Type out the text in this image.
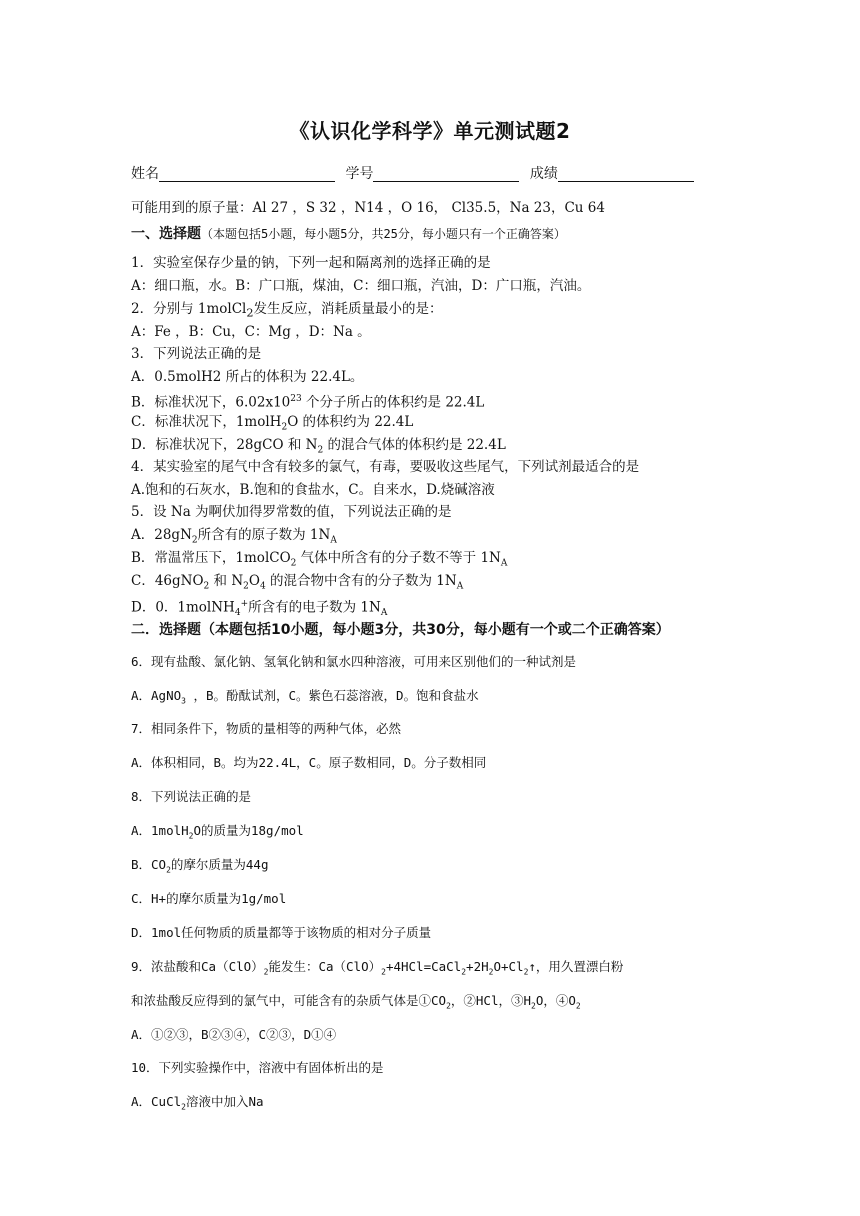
《认识化学科学》单元测试题2
姓名	学号	成绩
可能用到的原子量：Al 27 ，S 32 ，N14 ，O 16， Cl35.5，Na 23，Cu 64
一、选择题（本题包括5小题，每小题5分，共25分，每小题只有一个正确答案）
1．实验室保存少量的钠，下列一起和隔离剂的选择正确的是
A：细口瓶，水。B：广口瓶，煤油，C：细口瓶，汽油，D：广口瓶，汽油。
2．分别与 1molCl$_2$发生反应，消耗质量最小的是：
A：Fe ，B：Cu，C：Mg ，D：Na 。
3．下列说法正确的是
A．0.5molH2 所占的体积为 22.4L。
B．标准状况下，$6.02x10^{23}$ 个分子所占的体积约是 22.4L
C．标准状况下，1molH$_2$O 的体积约为 22.4L
D．标准状况下，28gCO 和 $N_2$ 的混合气体的体积约是 22.4L
4．某实验室的尾气中含有较多的氯气，有毒，要吸收这些尾气，下列试剂最适合的是
A.饱和的石灰水，B.饱和的食盐水，C。自来水，D.烧碱溶液
5．设 Na 为啊伏加得罗常数的值，下列说法正确的是
A．$28gN_2$所含有的原子数为 $1N_A$
B．常温常压下，1molCO$_2$ 气体中所含有的分子数不等于 $1N_A$
C．46gNO$_2$ 和 $N_2O_4$ 的混合物中含有的分子数为 $1N_A$
D．0．1molNH$_4$+所含有的电子数为 $1N_A$
二．选择题（本题包括10小题，每小题3分，共30分，每小题有一个或二个正确答案）
6．现有盐酸、氯化钠、氢氧化钠和氯水四种溶液，可用来区别他们的一种试剂是
A．AgNO$_3$ ，B。酚酞试剂，C。紫色石蕊溶液，D。饱和食盐水
7．相同条件下，物质的量相等的两种气体，必然
A．体积相同，B。均为22.4L，C。原子数相同，D。分子数相同
8．下列说法正确的是
A．1molH$_2$O的质量为18g/mol
B．$CO_2$的摩尔质量为44g
C．H+的摩尔质量为1g/mol
D．1mol任何物质的质量都等于该物质的相对分子质量
9．浓盐酸和$Ca(ClO)_2$能发生：$Ca(ClO)_2+4HCl=CaCl_2+2H_2O+Cl_2↑$，用久置漂白粉
和浓盐酸反应得到的氯气中，可能含有的杂质气体是$①CO_2$，②HCl，$③H_2O$，$④O_2$
A．①②③，B②③④，C②③，D①④
10．下列实验操作中，溶液中有固体析出的是
A．CuCl$_2$溶液中加入Na
